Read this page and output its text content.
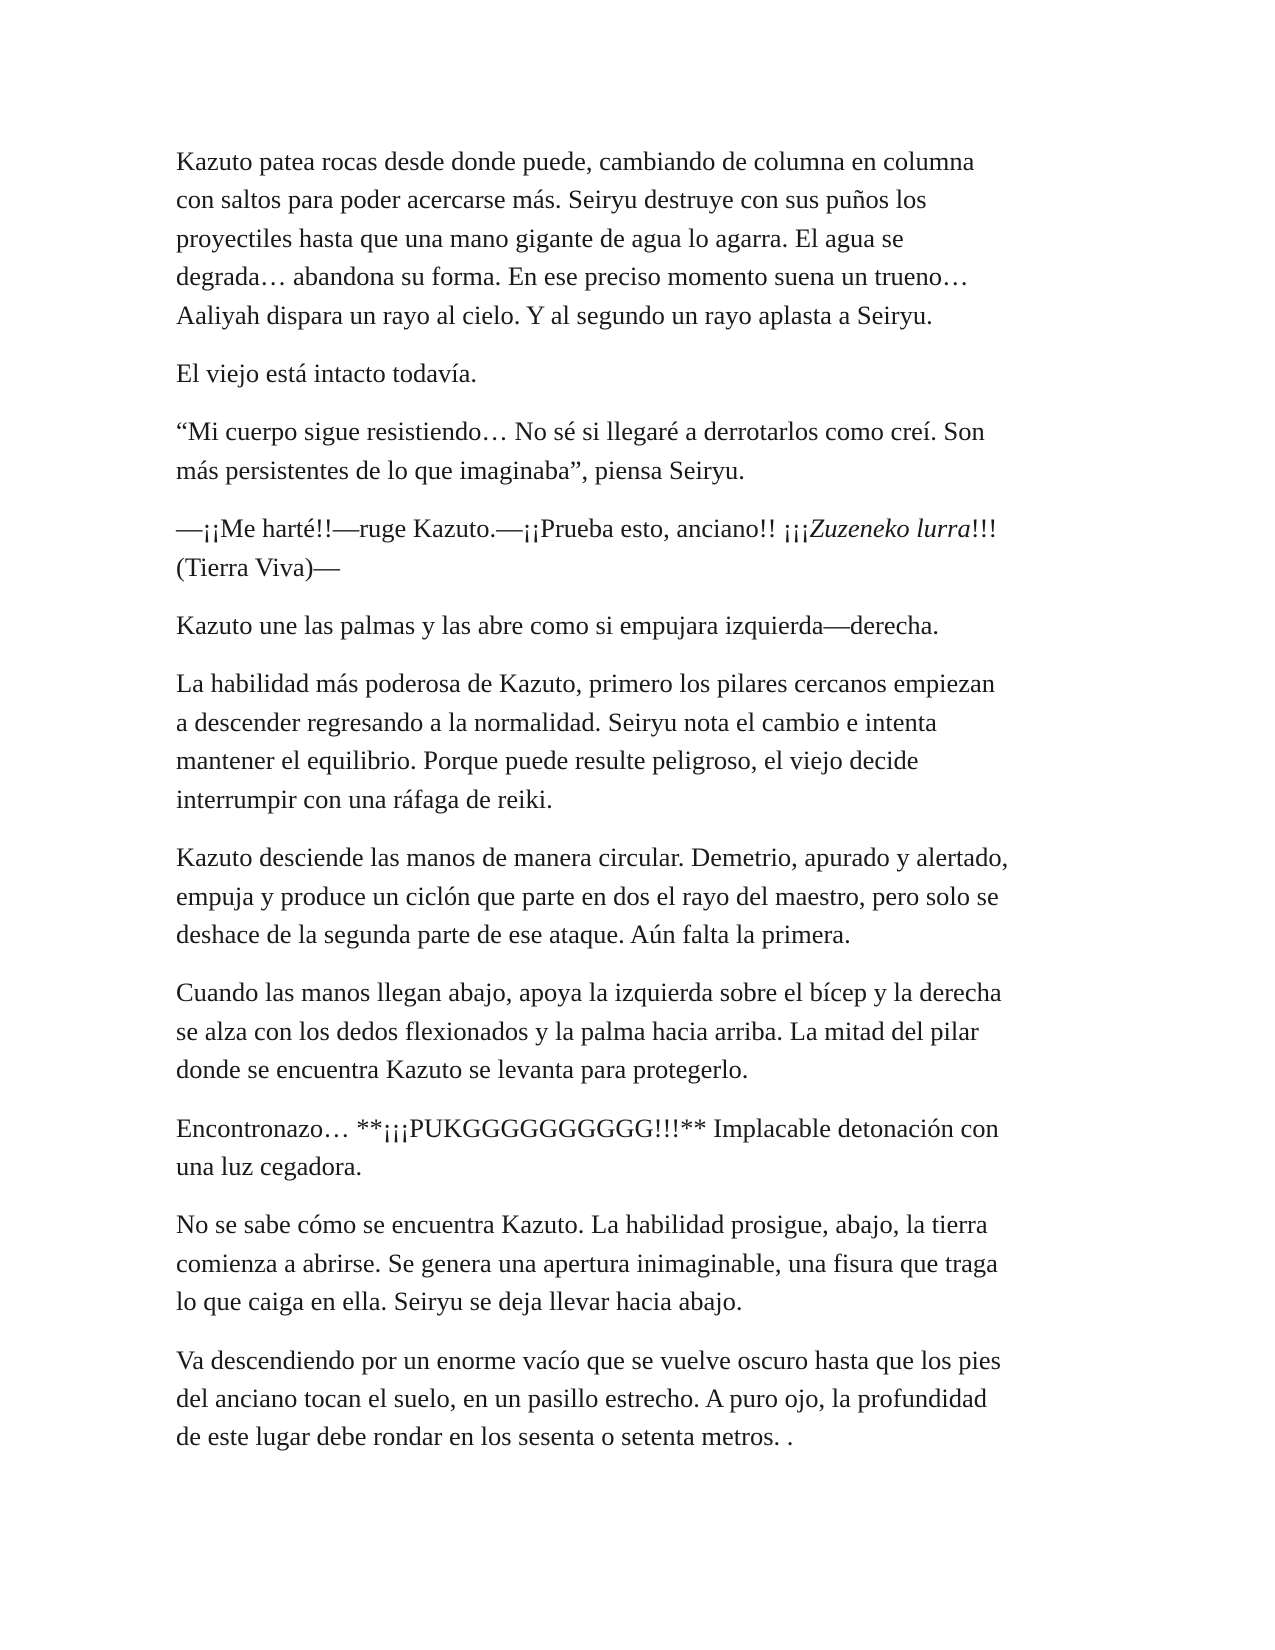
Kazuto patea rocas desde donde puede, cambiando de columna en columna
con saltos para poder acercarse más. Seiryu destruye con sus puños los
proyectiles hasta que una mano gigante de agua lo agarra. El agua se
degrada… abandona su forma. En ese preciso momento suena un trueno…
Aaliyah dispara un rayo al cielo. Y al segundo un rayo aplasta a Seiryu.

El viejo está intacto todavía.

“Mi cuerpo sigue resistiendo… No sé si llegaré a derrotarlos como creí. Son
más persistentes de lo que imaginaba”, piensa Seiryu.

—¡¡Me harté!!—ruge Kazuto.—¡¡Prueba esto, anciano!! ¡¡¡Zuzeneko lurra!!!
(Tierra Viva)—

Kazuto une las palmas y las abre como si empujara izquierda—derecha.

La habilidad más poderosa de Kazuto, primero los pilares cercanos empiezan
a descender regresando a la normalidad. Seiryu nota el cambio e intenta
mantener el equilibrio. Porque puede resulte peligroso, el viejo decide
interrumpir con una ráfaga de reiki.

Kazuto desciende las manos de manera circular. Demetrio, apurado y alertado,
empuja y produce un ciclón que parte en dos el rayo del maestro, pero solo se
deshace de la segunda parte de ese ataque. Aún falta la primera.

Cuando las manos llegan abajo, apoya la izquierda sobre el bícep y la derecha
se alza con los dedos flexionados y la palma hacia arriba. La mitad del pilar
donde se encuentra Kazuto se levanta para protegerlo.

Encontronazo… **¡¡¡PUKGGGGGGGGGG!!!** Implacable detonación con
una luz cegadora.

No se sabe cómo se encuentra Kazuto. La habilidad prosigue, abajo, la tierra
comienza a abrirse. Se genera una apertura inimaginable, una fisura que traga
lo que caiga en ella. Seiryu se deja llevar hacia abajo.

Va descendiendo por un enorme vacío que se vuelve oscuro hasta que los pies
del anciano tocan el suelo, en un pasillo estrecho. A puro ojo, la profundidad
de este lugar debe rondar en los sesenta o setenta metros. .
